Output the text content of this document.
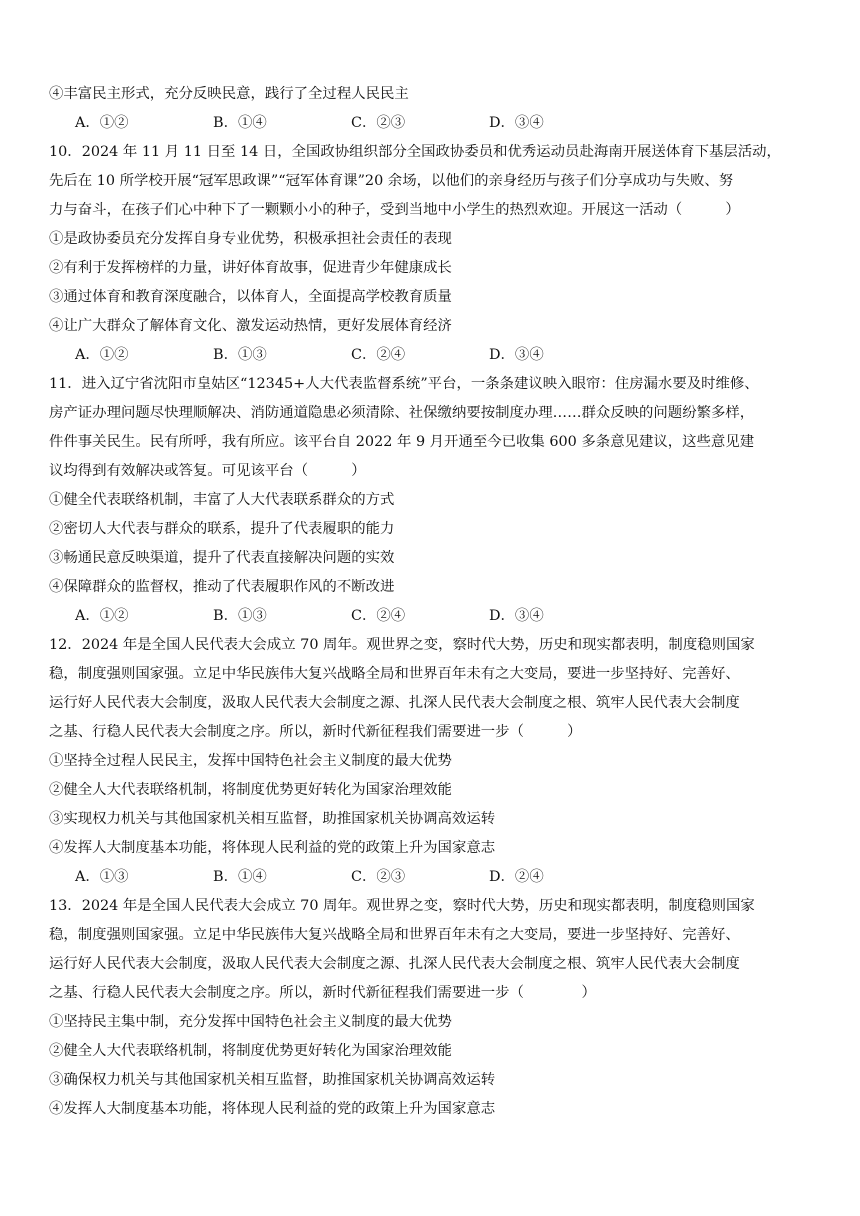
④丰富民主形式，充分反映民意，践行了全过程人民民主
A．①②	B．①④	C．②③	D．③④
10．2024 年 11 月 11 日至 14 日，全国政协组织部分全国政协委员和优秀运动员赴海南开展送体育下基层活动，
先后在 10 所学校开展“冠军思政课”“冠军体育课”20 余场，以他们的亲身经历与孩子们分享成功与失败、努
力与奋斗，在孩子们心中种下了一颗颗小小的种子，受到当地中小学生的热烈欢迎。开展这一活动（　　　）
①是政协委员充分发挥自身专业优势，积极承担社会责任的表现
②有利于发挥榜样的力量，讲好体育故事，促进青少年健康成长
③通过体育和教育深度融合，以体育人，全面提高学校教育质量
④让广大群众了解体育文化、激发运动热情，更好发展体育经济
A．①②	B．①③	C．②④	D．③④
11．进入辽宁省沈阳市皇姑区“12345+人大代表监督系统”平台，一条条建议映入眼帘：住房漏水要及时维修、
房产证办理问题尽快理顺解决、消防通道隐患必须清除、社保缴纳要按制度办理……群众反映的问题纷繁多样，
件件事关民生。民有所呼，我有所应。该平台自 2022 年 9 月开通至今已收集 600 多条意见建议，这些意见建
议均得到有效解决或答复。可见该平台（　　　）
①健全代表联络机制，丰富了人大代表联系群众的方式
②密切人大代表与群众的联系，提升了代表履职的能力
③畅通民意反映渠道，提升了代表直接解决问题的实效
④保障群众的监督权，推动了代表履职作风的不断改进
A．①②	B．①③	C．②④	D．③④
12．2024 年是全国人民代表大会成立 70 周年。观世界之变，察时代大势，历史和现实都表明，制度稳则国家
稳，制度强则国家强。立足中华民族伟大复兴战略全局和世界百年未有之大变局，要进一步坚持好、完善好、
运行好人民代表大会制度，汲取人民代表大会制度之源、扎深人民代表大会制度之根、筑牢人民代表大会制度
之基、行稳人民代表大会制度之序。所以，新时代新征程我们需要进一步（　　　）
①坚持全过程人民民主，发挥中国特色社会主义制度的最大优势
②健全人大代表联络机制，将制度优势更好转化为国家治理效能
③实现权力机关与其他国家机关相互监督，助推国家机关协调高效运转
④发挥人大制度基本功能，将体现人民利益的党的政策上升为国家意志
A．①③	B．①④	C．②③	D．②④
13．2024 年是全国人民代表大会成立 70 周年。观世界之变，察时代大势，历史和现实都表明，制度稳则国家
稳，制度强则国家强。立足中华民族伟大复兴战略全局和世界百年未有之大变局，要进一步坚持好、完善好、
运行好人民代表大会制度，汲取人民代表大会制度之源、扎深人民代表大会制度之根、筑牢人民代表大会制度
之基、行稳人民代表大会制度之序。所以，新时代新征程我们需要进一步（　　　　）
①坚持民主集中制，充分发挥中国特色社会主义制度的最大优势
②健全人大代表联络机制，将制度优势更好转化为国家治理效能
③确保权力机关与其他国家机关相互监督，助推国家机关协调高效运转
④发挥人大制度基本功能，将体现人民利益的党的政策上升为国家意志
